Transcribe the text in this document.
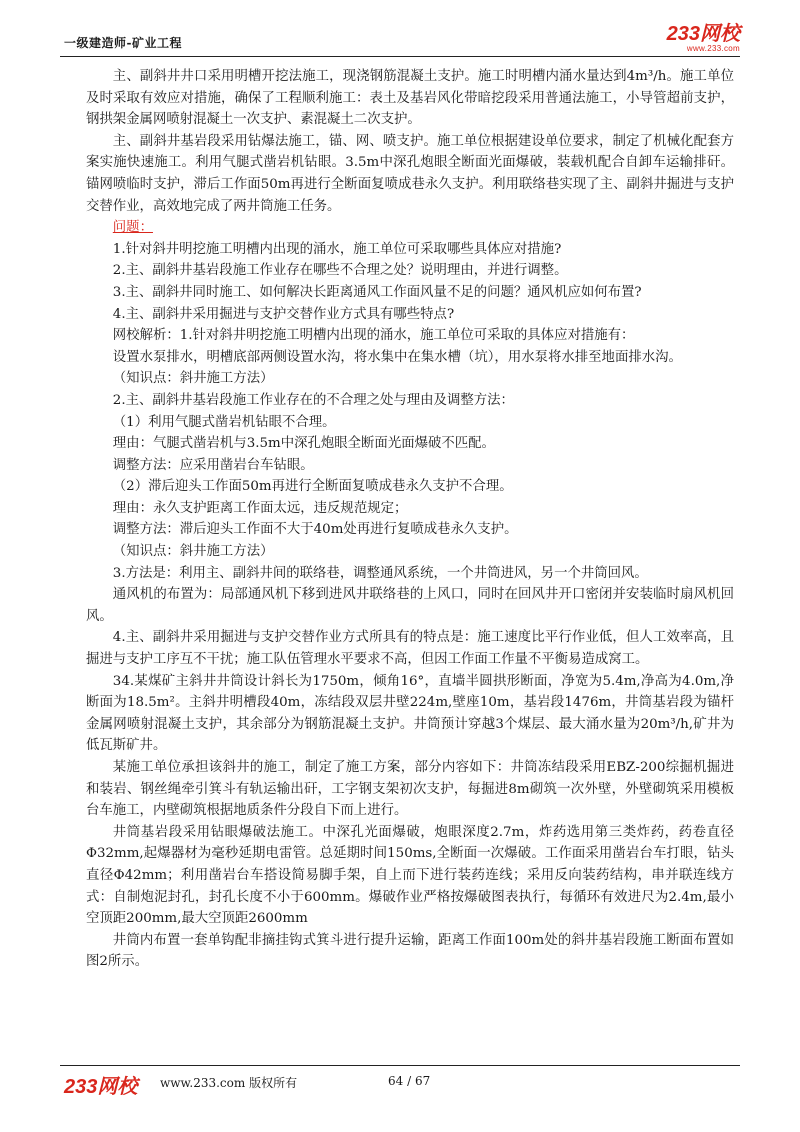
一级建造师-矿业工程	233网校
www.233.com

主、副斜井井口采用明槽开挖法施工，现浇钢筋混凝土支护。施工时明槽内涌水量达到4m³/h。施工单位及时采取有效应对措施，确保了工程顺利施工：表土及基岩风化带暗挖段采用普通法施工，小导管超前支护，钢拱架金属网喷射混凝土一次支护、素混凝土二次支护。

主、副斜井基岩段采用钻爆法施工，锚、网、喷支护。施工单位根据建设单位要求，制定了机械化配套方案实施快速施工。利用气腿式凿岩机钻眼。3.5m中深孔炮眼全断面光面爆破，装载机配合自卸车运输排矸。锚网喷临时支护，滞后工作面50m再进行全断面复喷成巷永久支护。利用联络巷实现了主、副斜井掘进与支护交替作业，高效地完成了两井筒施工任务。

问题：

1.针对斜井明挖施工明槽内出现的涌水，施工单位可采取哪些具体应对措施?

2.主、副斜井基岩段施工作业存在哪些不合理之处？说明理由，并进行调整。

3.主、副斜井同时施工、如何解决长距离通风工作面风量不足的问题？通风机应如何布置?

4.主、副斜井采用掘进与支护交替作业方式具有哪些特点?

网校解析：1.针对斜井明挖施工明槽内出现的涌水，施工单位可采取的具体应对措施有：

设置水泵排水，明槽底部两侧设置水沟，将水集中在集水槽（坑），用水泵将水排至地面排水沟。

（知识点：斜井施工方法）

2.主、副斜井基岩段施工作业存在的不合理之处与理由及调整方法：

（1）利用气腿式凿岩机钻眼不合理。

理由：气腿式凿岩机与3.5m中深孔炮眼全断面光面爆破不匹配。

调整方法：应采用凿岩台车钻眼。

（2）滞后迎头工作面50m再进行全断面复喷成巷永久支护不合理。

理由：永久支护距离工作面太远，违反规范规定；

调整方法：滞后迎头工作面不大于40m处再进行复喷成巷永久支护。

（知识点：斜井施工方法）

3.方法是：利用主、副斜井间的联络巷，调整通风系统，一个井筒进风，另一个井筒回风。

通风机的布置为：局部通风机下移到进风井联络巷的上风口，同时在回风井开口密闭并安装临时扇风机回风。

4.主、副斜井采用掘进与支护交替作业方式所具有的特点是：施工速度比平行作业低，但人工效率高，且掘进与支护工序互不干扰；施工队伍管理水平要求不高，但因工作面工作量不平衡易造成窝工。

34.某煤矿主斜井井筒设计斜长为1750m，倾角16°，直墙半圆拱形断面，净宽为5.4m,净高为4.0m,净断面为18.5m²。主斜井明槽段40m，冻结段双层井壁224m,壁座10m，基岩段1476m，井筒基岩段为锚杆金属网喷射混凝土支护，其余部分为钢筋混凝土支护。井筒预计穿越3个煤层、最大涌水量为20m³/h,矿井为低瓦斯矿井。

某施工单位承担该斜井的施工，制定了施工方案，部分内容如下：井筒冻结段采用EBZ-200综掘机掘进和装岩、钢丝绳牵引箕斗有轨运输出矸，工字钢支架初次支护，每掘进8m砌筑一次外壁，外壁砌筑采用模板台车施工，内壁砌筑根据地质条件分段自下而上进行。

井筒基岩段采用钻眼爆破法施工。中深孔光面爆破，炮眼深度2.7m，炸药选用第三类炸药，药卷直径Φ32mm,起爆器材为毫秒延期电雷管。总延期时间150ms,全断面一次爆破。工作面采用凿岩台车打眼，钻头直径Φ42mm；利用凿岩台车搭设简易脚手架，自上而下进行装药连线；采用反向装药结构，串并联连线方式：自制炮泥封孔，封孔长度不小于600mm。爆破作业严格按爆破图表执行，每循环有效进尺为2.4m,最小空顶距200mm,最大空顶距2600mm

井筒内布置一套单钩配非摘挂钩式箕斗进行提升运输，距离工作面100m处的斜井基岩段施工断面布置如图2所示。

233网校 www.233.com 版权所有	64 / 67
